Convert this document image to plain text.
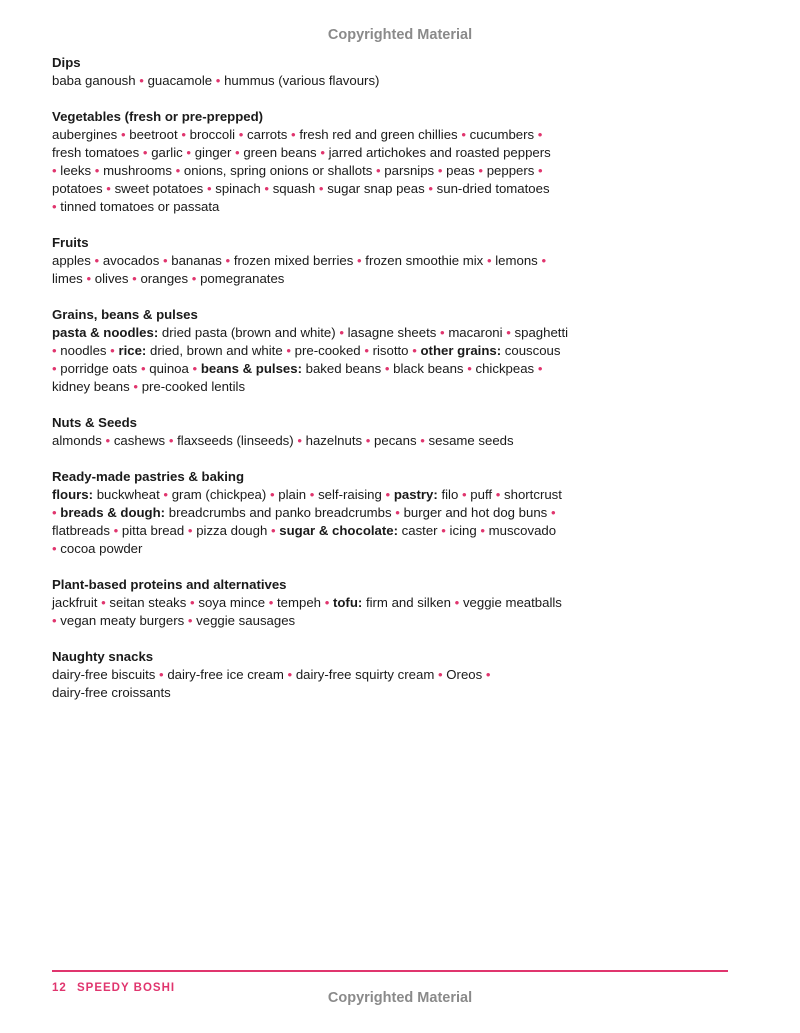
Copyrighted Material
Dips
baba ganoush • guacamole • hummus (various flavours)
Vegetables (fresh or pre-prepped)
aubergines • beetroot • broccoli • carrots • fresh red and green chillies • cucumbers •
fresh tomatoes • garlic • ginger • green beans • jarred artichokes and roasted peppers
• leeks • mushrooms • onions, spring onions or shallots • parsnips • peas • peppers •
potatoes • sweet potatoes • spinach • squash • sugar snap peas • sun-dried tomatoes
• tinned tomatoes or passata
Fruits
apples • avocados • bananas • frozen mixed berries • frozen smoothie mix • lemons •
limes • olives • oranges • pomegranates
Grains, beans & pulses
pasta & noodles: dried pasta (brown and white) • lasagne sheets • macaroni • spaghetti
• noodles • rice: dried, brown and white • pre-cooked • risotto • other grains: couscous
• porridge oats • quinoa • beans & pulses: baked beans • black beans • chickpeas •
kidney beans • pre-cooked lentils
Nuts & Seeds
almonds • cashews • flaxseeds (linseeds) • hazelnuts • pecans • sesame seeds
Ready-made pastries & baking
flours: buckwheat • gram (chickpea) • plain • self-raising • pastry: filo • puff • shortcrust
• breads & dough: breadcrumbs and panko breadcrumbs • burger and hot dog buns •
flatbreads • pitta bread • pizza dough • sugar & chocolate: caster • icing • muscovado
• cocoa powder
Plant-based proteins and alternatives
jackfruit • seitan steaks • soya mince • tempeh • tofu: firm and silken • veggie meatballs
• vegan meaty burgers • veggie sausages
Naughty snacks
dairy-free biscuits • dairy-free ice cream • dairy-free squirty cream • Oreos •
dairy-free croissants
12 SPEEDY BOSHI
Copyrighted Material
